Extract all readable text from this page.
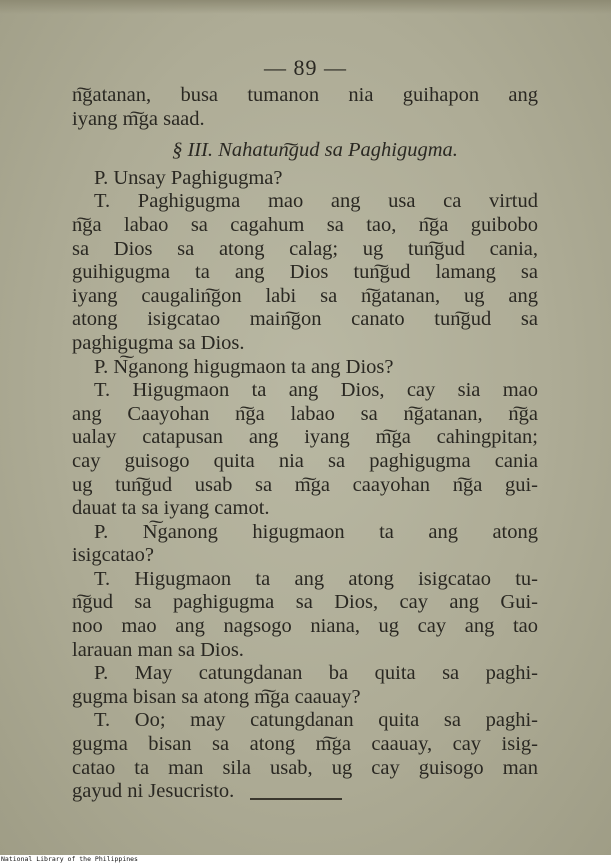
— 89 —
n͠gatanan, busa tumanon nia guihapon ang
iyang m͠ga saad.
§ III. Nahatun͠gud sa Paghigugma.
P. Unsay Paghigugma?
T. Paghigugma mao ang usa ca virtud
n͠ga labao sa cagahum sa tao, n͠ga guibobo
sa Dios sa atong calag; ug tun͠gud cania,
guihigugma ta ang Dios tun͠gud lamang sa
iyang caugalin͠gon labi sa n͠gatanan, ug ang
atong isigcatao main͠gon canato tun͠gud sa
paghigugma sa Dios.
P. N͠ganong higugmaon ta ang Dios?
T. Higugmaon ta ang Dios, cay sia mao
ang Caayohan n͠ga labao sa n͠gatanan, n͠ga
ualay catapusan ang iyang m͠ga cahingpitan;
cay guisogo quita nia sa paghigugma cania
ug tun͠gud usab sa m͠ga caayohan n͠ga gui-
dauat ta sa iyang camot.
P. N͠ganong higugmaon ta ang atong
isigcatao?
T. Higugmaon ta ang atong isigcatao tu-
n͠gud sa paghigugma sa Dios, cay ang Gui-
noo mao ang nagsogo niana, ug cay ang tao
larauan man sa Dios.
P. May catungdanan ba quita sa paghi-
gugma bisan sa atong m͠ga caauay?
T. Oo; may catungdanan quita sa paghi-
gugma bisan sa atong m͠ga caauay, cay isig-
catao ta man sila usab, ug cay guisogo man
gayud ni Jesucristo.
National Library of the Philippines
